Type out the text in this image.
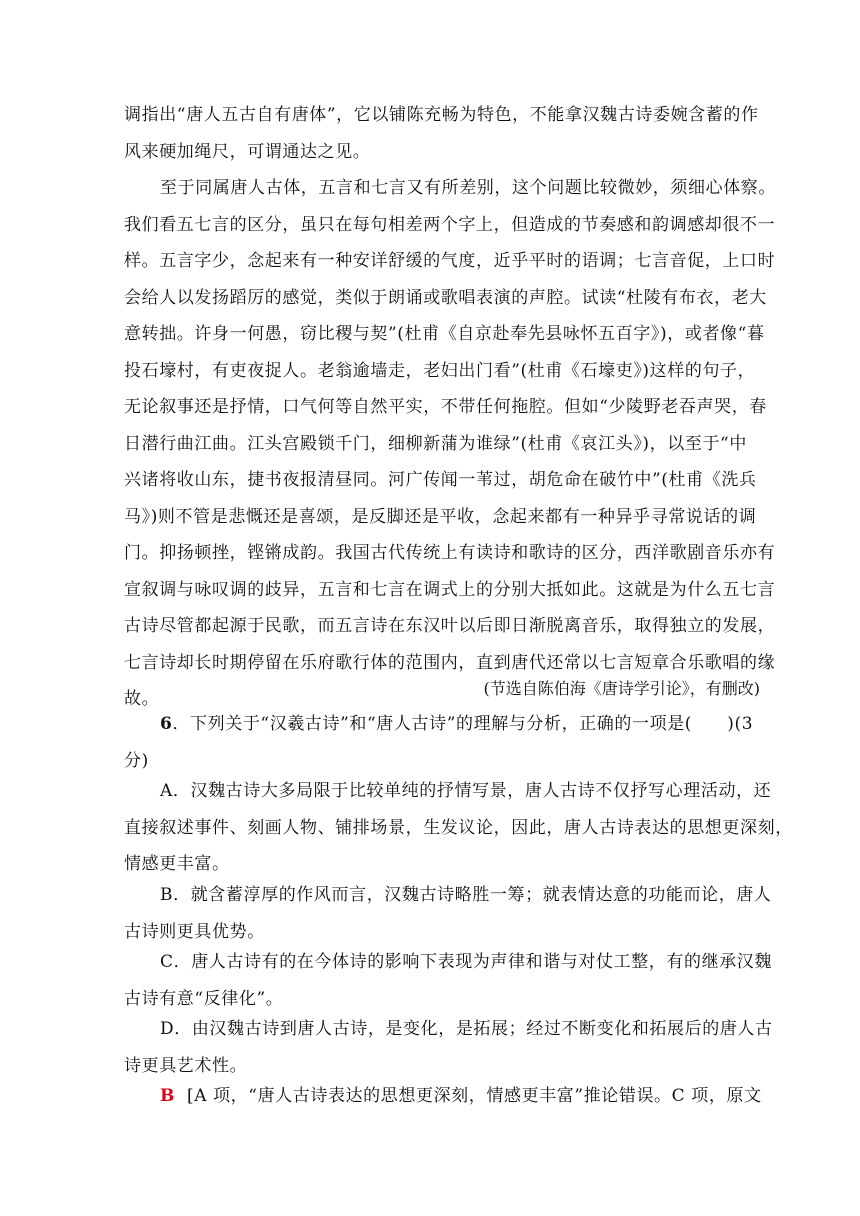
调指出“唐人五古自有唐体”，它以铺陈充畅为特色，不能拿汉魏古诗委婉含蓄的作
风来硬加绳尺，可谓通达之见。
至于同属唐人古体，五言和七言又有所差别，这个问题比较微妙，须细心体察。
我们看五七言的区分，虽只在每句相差两个字上，但造成的节奏感和韵调感却很不一
样。五言字少，念起来有一种安详舒缓的气度，近乎平时的语调；七言音促，上口时
会给人以发扬蹈厉的感觉，类似于朗诵或歌唱表演的声腔。试读“杜陵有布衣，老大
意转拙。许身一何愚，窃比稷与契”(杜甫《自京赴奉先县咏怀五百字》)，或者像“暮
投石壕村，有吏夜捉人。老翁逾墙走，老妇出门看”(杜甫《石壕吏》)这样的句子，
无论叙事还是抒情，口气何等自然平实，不带任何拖腔。但如“少陵野老吞声哭，春
日潜行曲江曲。江头宫殿锁千门，细柳新蒲为谁绿”(杜甫《哀江头》)，以至于“中
兴诸将收山东，捷书夜报清昼同。河广传闻一苇过，胡危命在破竹中”(杜甫《洗兵
马》)则不管是悲慨还是喜颂，是反脚还是平收，念起来都有一种异乎寻常说话的调
门。抑扬顿挫，铿锵成韵。我国古代传统上有读诗和歌诗的区分，西洋歌剧音乐亦有
宣叙调与咏叹调的歧异，五言和七言在调式上的分别大抵如此。这就是为什么五七言
古诗尽管都起源于民歌，而五言诗在东汉叶以后即日渐脱离音乐，取得独立的发展，
七言诗却长时期停留在乐府歌行体的范围内，直到唐代还常以七言短章合乐歌唱的缘
故。
(节选自陈伯海《唐诗学引论》，有删改)
6．下列关于“汉羲古诗”和“唐人古诗”的理解与分析，正确的一项是(　　)(3
分)
A．汉魏古诗大多局限于比较单纯的抒情写景，唐人古诗不仅抒写心理活动，还
直接叙述事件、刻画人物、铺排场景，生发议论，因此，唐人古诗表达的思想更深刻，
情感更丰富。
B．就含蓄淳厚的作风而言，汉魏古诗略胜一筹；就表情达意的功能而论，唐人
古诗则更具优势。
C．唐人古诗有的在今体诗的影响下表现为声律和谐与对仗工整，有的继承汉魏
古诗有意“反律化”。
D．由汉魏古诗到唐人古诗，是变化，是拓展；经过不断变化和拓展后的唐人古
诗更具艺术性。
B [A 项，“唐人古诗表达的思想更深刻，情感更丰富”推论错误。C 项，原文
